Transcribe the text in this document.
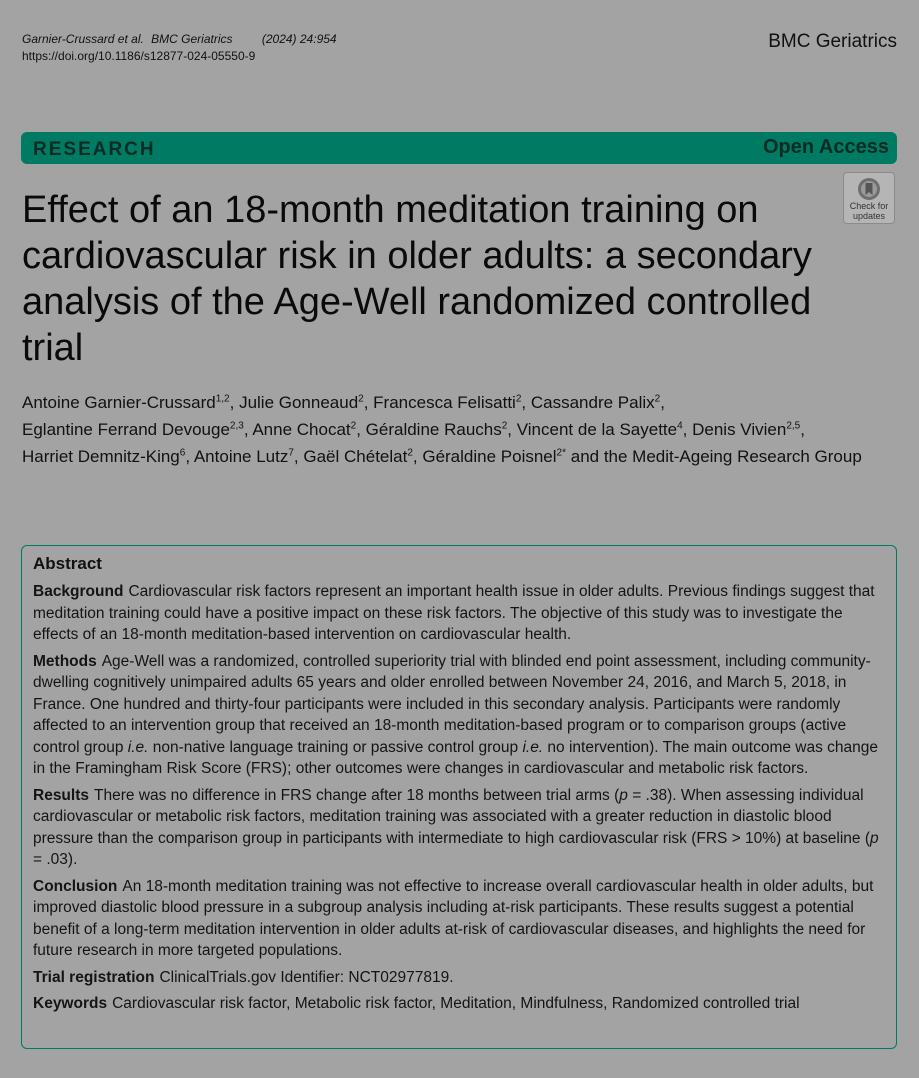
Garnier-Crussard et al. BMC Geriatrics (2024) 24:954
https://doi.org/10.1186/s12877-024-05550-9
BMC Geriatrics
RESEARCH	Open Access
Check for
updates
Effect of an 18-month meditation training on cardiovascular risk in older adults: a secondary analysis of the Age-Well randomized controlled trial
Antoine Garnier-Crussard$^{1,2}$, Julie Gonneaud$^2$, Francesca Felisatti$^2$, Cassandre Palix$^2$,
Eglantine Ferrand Devouge$^{2,3}$, Anne Chocat$^2$, Géraldine Rauchs$^2$, Vincent de la Sayette$^4$, Denis Vivien$^{2,5}$,
Harriet Demnitz-King$^6$, Antoine Lutz$^7$, Gaël Chételat$^2$, Géraldine Poisnel$^{2*}$ and the Medit-Ageing Research Group
Abstract

Background Cardiovascular risk factors represent an important health issue in older adults. Previous findings suggest that meditation training could have a positive impact on these risk factors. The objective of this study was to investigate the effects of an 18-month meditation-based intervention on cardiovascular health.

Methods Age-Well was a randomized, controlled superiority trial with blinded end point assessment, including community-dwelling cognitively unimpaired adults 65 years and older enrolled between November 24, 2016, and March 5, 2018, in France. One hundred and thirty-four participants were included in this secondary analysis. Participants were randomly affected to an intervention group that received an 18-month meditation-based program or to comparison groups (active control group i.e. non-native language training or passive control group i.e. no intervention). The main outcome was change in the Framingham Risk Score (FRS); other outcomes were changes in cardiovascular and metabolic risk factors.

Results There was no difference in FRS change after 18 months between trial arms (p = .38). When assessing individual cardiovascular or metabolic risk factors, meditation training was associated with a greater reduction in diastolic blood pressure than the comparison group in participants with intermediate to high cardiovascular risk (FRS > 10%) at baseline (p = .03).

Conclusion An 18-month meditation training was not effective to increase overall cardiovascular health in older adults, but improved diastolic blood pressure in a subgroup analysis including at-risk participants. These results suggest a potential benefit of a long-term meditation intervention in older adults at-risk of cardiovascular diseases, and highlights the need for future research in more targeted populations.

Trial registration ClinicalTrials.gov Identifier: NCT02977819.

Keywords Cardiovascular risk factor, Metabolic risk factor, Meditation, Mindfulness, Randomized controlled trial
